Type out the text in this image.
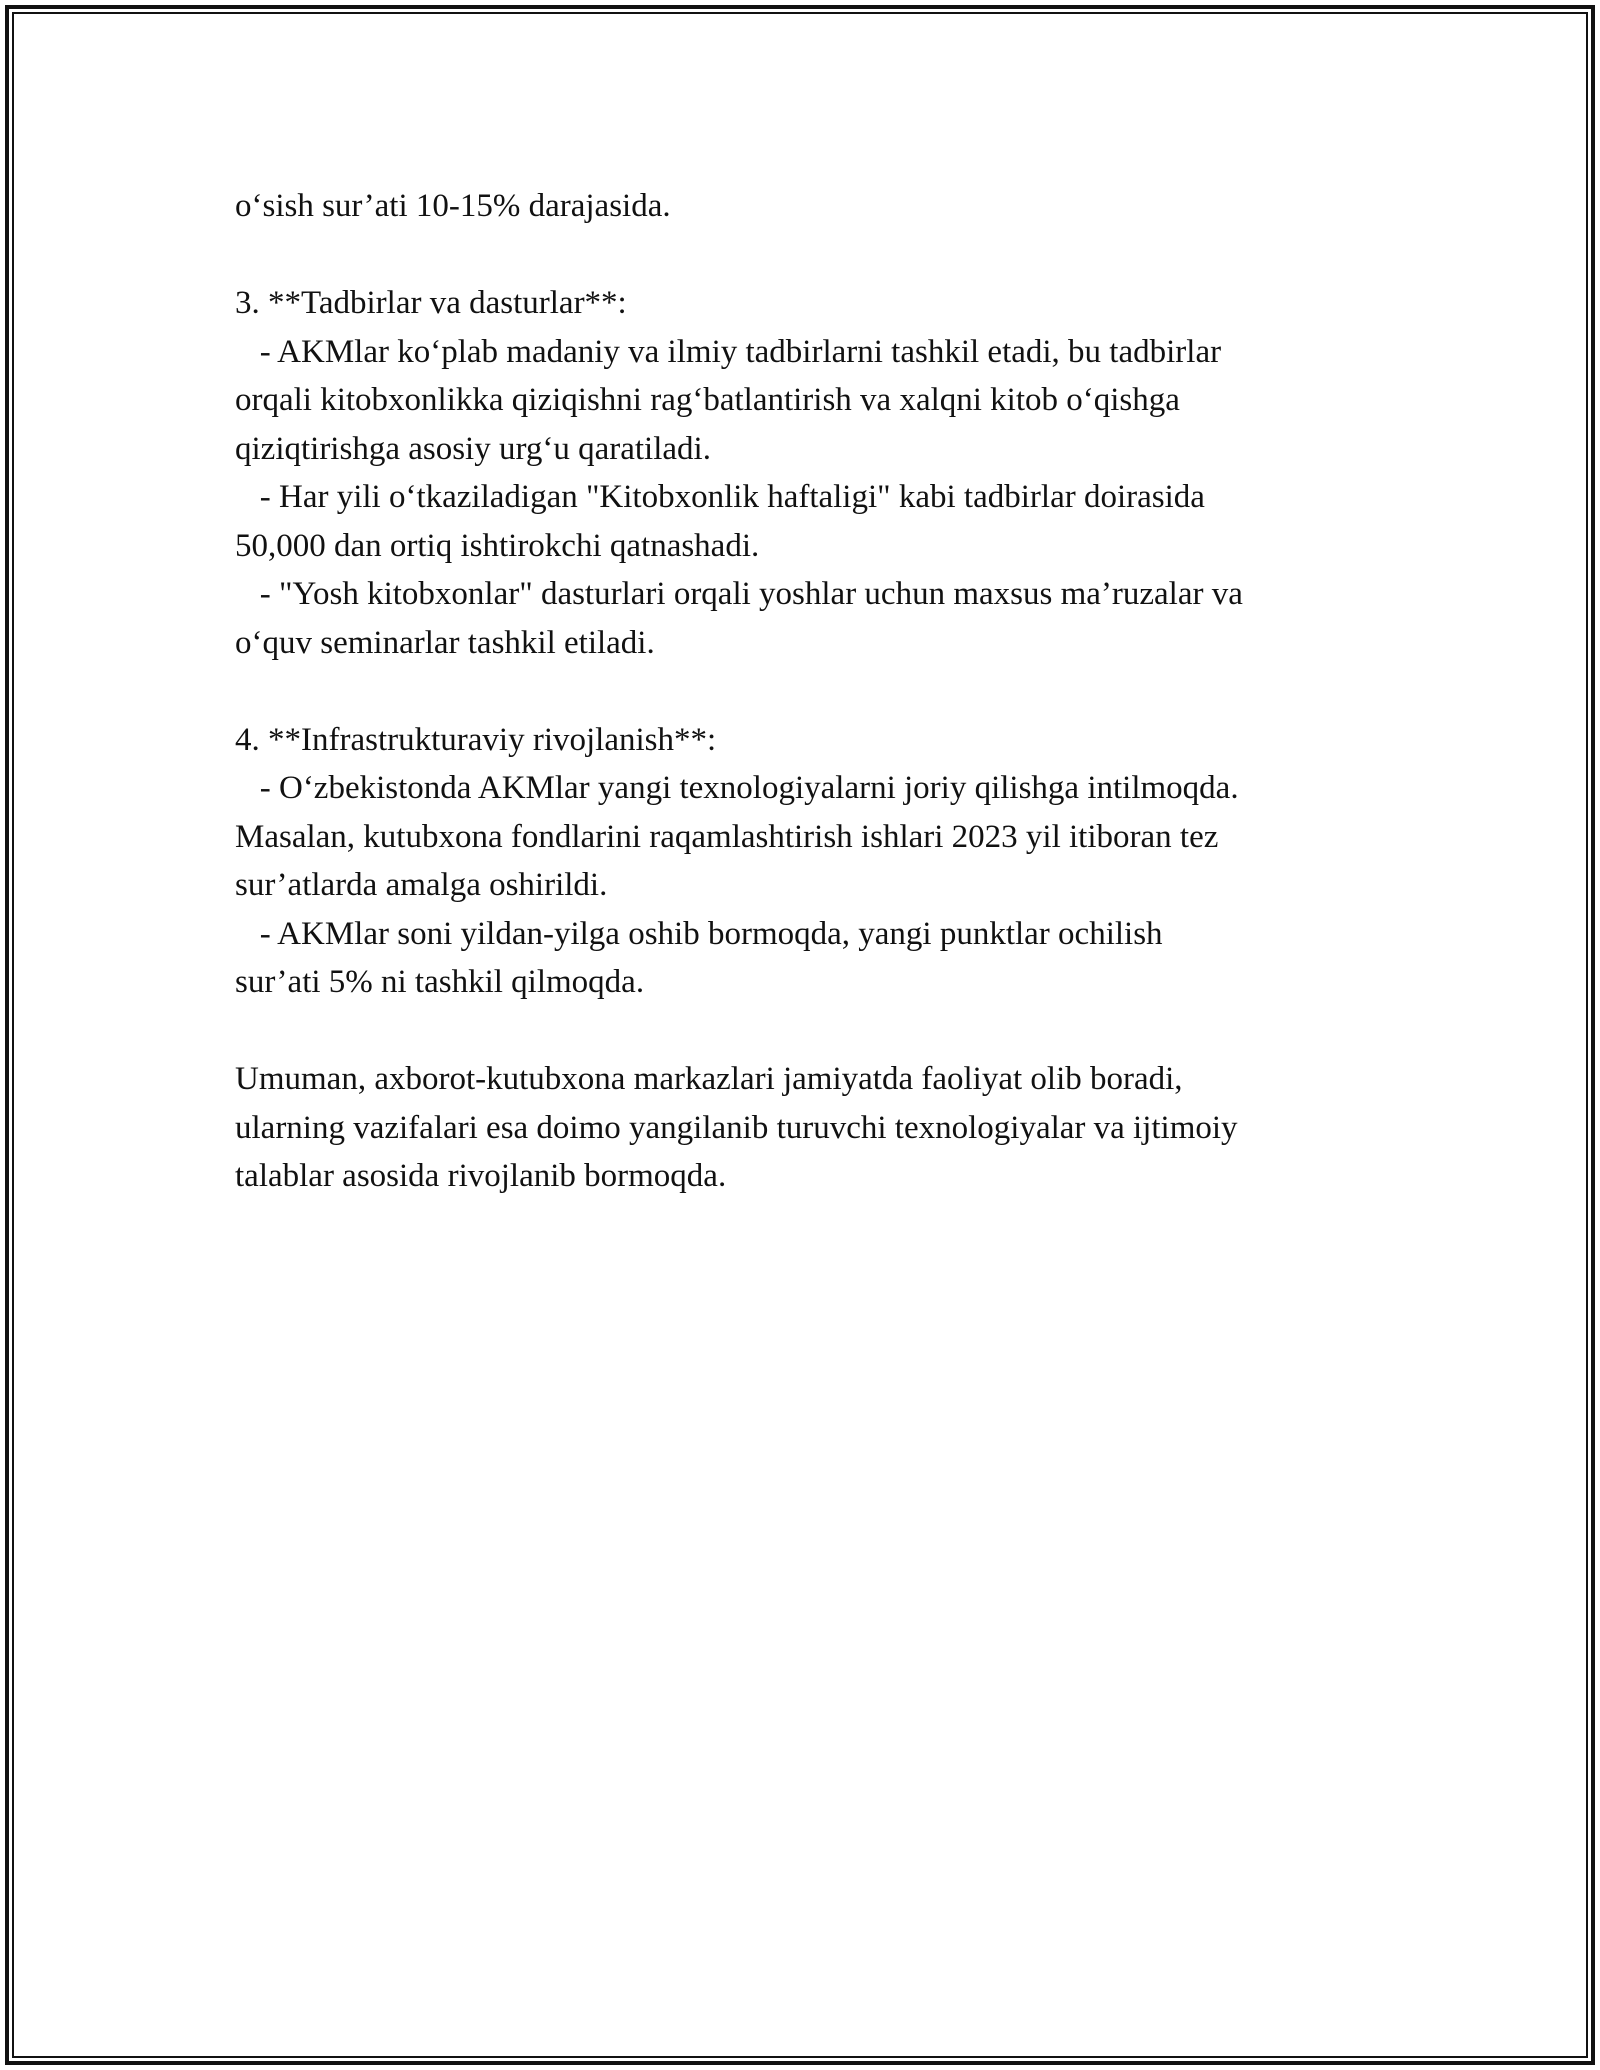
o‘sish sur’ati 10-15% darajasida.
3. **Tadbirlar va dasturlar**:
- AKMlar ko‘plab madaniy va ilmiy tadbirlarni tashkil etadi, bu tadbirlar
orqali kitobxonlikka qiziqishni rag‘batlantirish va xalqni kitob o‘qishga
qiziqtirishga asosiy urg‘u qaratiladi.
- Har yili o‘tkaziladigan "Kitobxonlik haftaligi" kabi tadbirlar doirasida
50,000 dan ortiq ishtirokchi qatnashadi.
- "Yosh kitobxonlar" dasturlari orqali yoshlar uchun maxsus ma’ruzalar va
o‘quv seminarlar tashkil etiladi.
4. **Infrastrukturaviy rivojlanish**:
- O‘zbekistonda AKMlar yangi texnologiyalarni joriy qilishga intilmoqda.
Masalan, kutubxona fondlarini raqamlashtirish ishlari 2023 yil itiboran tez
sur’atlarda amalga oshirildi.
- AKMlar soni yildan-yilga oshib bormoqda, yangi punktlar ochilish
sur’ati 5% ni tashkil qilmoqda.
Umuman, axborot-kutubxona markazlari jamiyatda faoliyat olib boradi,
ularning vazifalari esa doimo yangilanib turuvchi texnologiyalar va ijtimoiy
talablar asosida rivojlanib bormoqda.
